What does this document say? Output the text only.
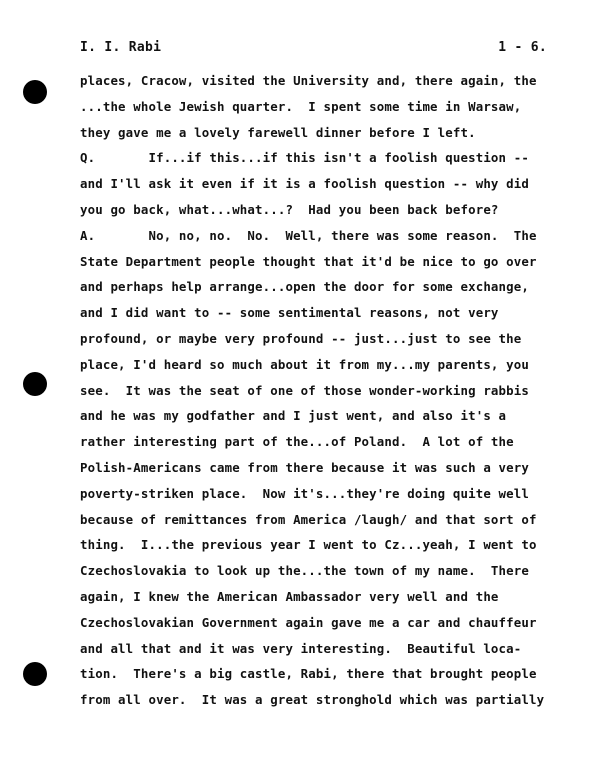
I. I. Rabi	1 - 6.
places, Cracow, visited the University and, there again, the
...the whole Jewish quarter.  I spent some time in Warsaw,
they gave me a lovely farewell dinner before I left.
Q.       If...if this...if this isn't a foolish question --
and I'll ask it even if it is a foolish question -- why did
you go back, what...what...?  Had you been back before?
A.       No, no, no.  No.  Well, there was some reason.  The
State Department people thought that it'd be nice to go over
and perhaps help arrange...open the door for some exchange,
and I did want to -- some sentimental reasons, not very
profound, or maybe very profound -- just...just to see the
place, I'd heard so much about it from my...my parents, you
see.  It was the seat of one of those wonder-working rabbis
and he was my godfather and I just went, and also it's a
rather interesting part of the...of Poland.  A lot of the
Polish-Americans came from there because it was such a very
poverty-striken place.  Now it's...they're doing quite well
because of remittances from America /laugh/ and that sort of
thing.  I...the previous year I went to Cz...yeah, I went to
Czechoslovakia to look up the...the town of my name.  There
again, I knew the American Ambassador very well and the
Czechoslovakian Government again gave me a car and chauffeur
and all that and it was very interesting.  Beautiful loca-
tion.  There's a big castle, Rabi, there that brought people
from all over.  It was a great stronghold which was partially
